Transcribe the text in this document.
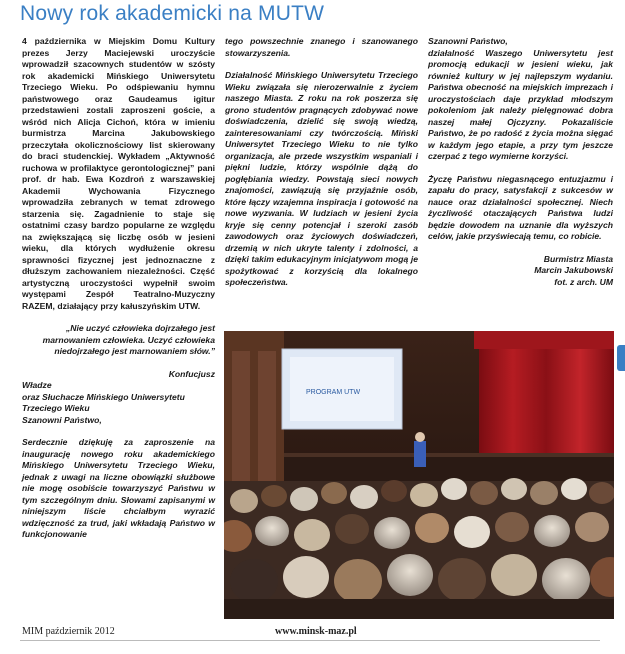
Nowy rok akademicki na MUTW

4 października w Miejskim Domu Kultury prezes Jerzy Maciejewski uroczyście wprowadził szacownych studentów w szósty rok akademicki Mińskiego Uniwersytetu Trzeciego Wieku. Po odśpiewaniu hymnu państwowego oraz Gaudeamus igitur przedstawieni zostali zaproszeni goście, a wśród nich Alicja Cichoń, która w imieniu burmistrza Marcina Jakubowskiego przeczytała okolicznościowy list skierowany do braci studenckiej. Wykładem „Aktywność ruchowa w profilaktyce gerontologicznej” pani prof. dr hab. Ewa Kozdroń z warszawskiej Akademii Wychowania Fizycznego wprowadziła zebranych w temat zdrowego starzenia się. Zagadnienie to staje się ostatnimi czasy bardzo popularne ze względu na zwiększającą się liczbę osób w jesieni wieku, dla których wydłużenie okresu sprawności fizycznej jest jednoznaczne z dłuższym zachowaniem niezależności. Część artystyczną uroczystości wypełnił swoim występami Zespół Teatralno-Muzyczny RAZEM, działający przy kałuszyńskim UTW.

„Nie uczyć człowieka dojrzałego jest marnowaniem człowieka. Uczyć człowieka niedojrzałego jest marnowaniem słów.”

Konfucjusz

Władze

oraz Słuchacze Mińskiego Uniwersytetu

Trzeciego Wieku

Szanowni Państwo,

Serdecznie dziękuję za zaproszenie na inaugurację nowego roku akademickiego Mińskiego Uniwersytetu Trzeciego Wieku, jednak z uwagi na liczne obowiązki służbowe nie mogę osobiście towarzyszyć Państwu w tym szczególnym dniu. Słowami zapisanymi w niniejszym liście chciałbym wyrazić wdzięczność za trud, jaki wkładają Państwo w funkcjonowanie

tego powszechnie znanego i szanowanego stowarzyszenia.

Działalność Mińskiego Uniwersytetu Trzeciego Wieku związała się nierozerwalnie z życiem naszego Miasta. Z roku na rok poszerza się grono studentów pragnących zdobywać nowe doświadczenia, dzielić się swoją wiedzą, zainteresowaniami czy twórczością. Miński Uniwersytet Trzeciego Wieku to nie tylko organizacja, ale przede wszystkim wspaniali i piękni ludzie, którzy wspólnie dążą do pogłębiania wiedzy. Powstają sieci nowych znajomości, zawiązują się przyjaźnie osób, które łączy wzajemna inspiracja i gotowość na nowe wyzwania. W ludziach w jesieni życia kryje się cenny potencjał i szeroki zasób zawodowych oraz życiowych doświadczeń, drzemią w nich ukryte talenty i zdolności, a dzięki takim edukacyjnym inicjatywom mogą je spożytkować z korzyścią dla lokalnego społeczeństwa.

Szanowni Państwo,

działalność Waszego Uniwersytetu jest promocją edukacji w jesieni wieku, jak również kultury w jej najlepszym wydaniu. Państwa obecność na miejskich imprezach i uroczystościach daje przykład młodszym pokoleniom jak należy pielęgnować dobra naszej małej Ojczyzny. Pokazaliście Państwo, że po radość z życia można sięgać w każdym jego etapie, a przy tym jeszcze czerpać z tego wymierne korzyści.

Życzę Państwu niegasnącego entuzjazmu i zapału do pracy, satysfakcji z sukcesów w nauce oraz działalności społecznej. Niech życzliwość otaczających Państwa ludzi będzie dowodem na uznanie dla wyższych celów, jakie przyświecają temu, co robicie.

Burmistrz Miasta

Marcin Jakubowski

fot. z arch. UM

PROGRAM UTW
MIM październik 2012	www.minsk-maz.pl
